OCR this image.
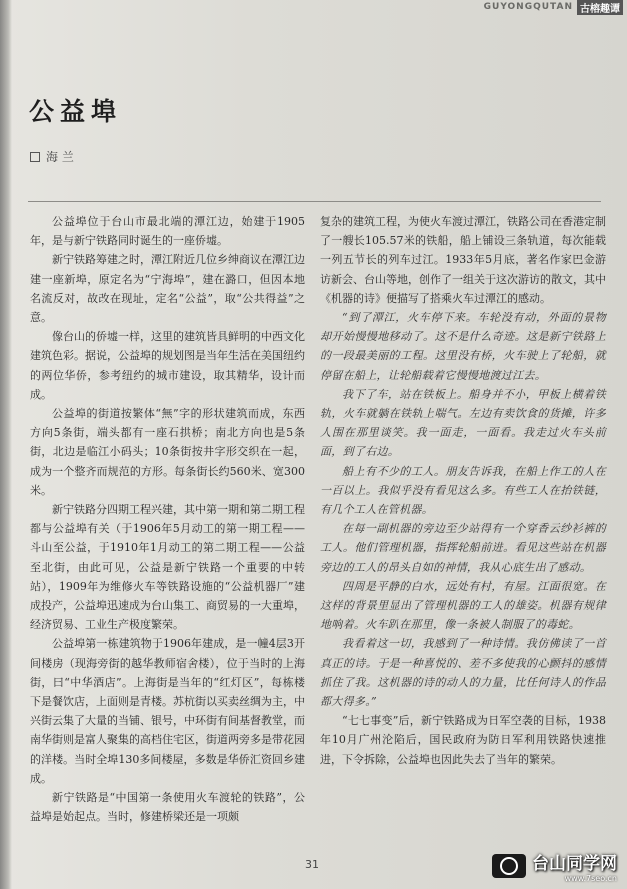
GUYONGQUTAN 古榕趣谭
公益埠
海 兰

公益埠位于台山市最北端的潭江边，始建于1905年，是与新宁铁路同时诞生的一座侨墟。

新宁铁路筹建之时，潭江附近几位乡绅商议在潭江边建一座新埠，原定名为“宁海埠”，建在潞口，但因本地名流反对，故改在现址，定名“公益”，取“公共得益”之意。

像台山的侨墟一样，这里的建筑皆具鲜明的中西文化建筑色彩。据说，公益埠的规划图是当年生活在美国纽约的两位华侨，参考纽约的城市建设，取其精华，设计而成。

公益埠的街道按繁体“無”字的形状建筑而成，东西方向5条街，端头都有一座石拱桥；南北方向也是5条街，北边是临江小码头；10条街按井字形交织在一起，成为一个整齐而规范的方形。每条街长约560米、宽300米。

新宁铁路分四期工程兴建，其中第一期和第二期工程都与公益埠有关（于1906年5月动工的第一期工程——斗山至公益，于1910年1月动工的第二期工程——公益至北街，由此可见，公益是新宁铁路一个重要的中转站），1909年为维修火车等铁路设施的“公益机器厂”建成投产，公益埠迅速成为台山集工、商贸易的一大重埠，经济贸易、工业生产极度繁荣。

公益埠第一栋建筑物于1906年建成，是一幢4层3开间楼房（现海旁街的越华教师宿舍楼），位于当时的上海街，曰“中华酒店”。上海街是当年的“红灯区”，每栋楼下是餐饮店，上面则是青楼。苏杭街以买卖丝绸为主，中兴街云集了大量的当铺、银号，中环街有间基督教堂，而南华街则是富人聚集的高档住宅区，街道两旁多是带花园的洋楼。当时全埠130多间楼屋，多数是华侨汇资回乡建成。

新宁铁路是“中国第一条使用火车渡轮的铁路”，公益埠是始起点。当时，修建桥梁还是一项颇

复杂的建筑工程，为使火车渡过潭江，铁路公司在香港定制了一艘长105.57米的铁船，船上铺设三条轨道，每次能载一列五节长的列车过江。1933年5月底，著名作家巴金游访新会、台山等地，创作了一组关于这次游访的散文，其中《机器的诗》便描写了搭乘火车过潭江的感动。

“到了潭江，火车停下来。车轮没有动，外面的景物却开始慢慢地移动了。这不是什么奇迹。这是新宁铁路上的一段最美丽的工程。这里没有桥，火车驶上了轮船，就停留在船上，让轮船载着它慢慢地渡过江去。

我下了车，站在铁板上。船身并不小，甲板上横着铁轨，火车就躺在铁轨上喘气。左边有卖饮食的货摊，许多人围在那里谈笑。我一面走，一面看。我走过火车头前面，到了右边。

船上有不少的工人。朋友告诉我，在船上作工的人在一百以上。我似乎没有看见这么多。有些工人在抬铁链，有几个工人在管机器。

在每一副机器的旁边至少站得有一个穿香云纱衫裤的工人。他们管理机器，指挥轮船前进。看见这些站在机器旁边的工人的昂头自如的神情，我从心底生出了感动。

四周是平静的白水，远处有村，有屋。江面很宽。在这样的背景里显出了管理机器的工人的雄姿。机器有规律地响着。火车趴在那里，像一条被人制服了的毒蛇。

我看着这一切，我感到了一种诗情。我仿佛读了一首真正的诗。于是一种喜悦的、差不多使我的心颤抖的感情抓住了我。这机器的诗的动人的力量，比任何诗人的作品都大得多。”

“七七事变”后，新宁铁路成为日军空袭的目标，1938年10月广州沦陷后，国民政府为防日军利用铁路快速推进，下令拆除，公益埠也因此失去了当年的繁荣。

31	台山同学网
www.7seo.cn
